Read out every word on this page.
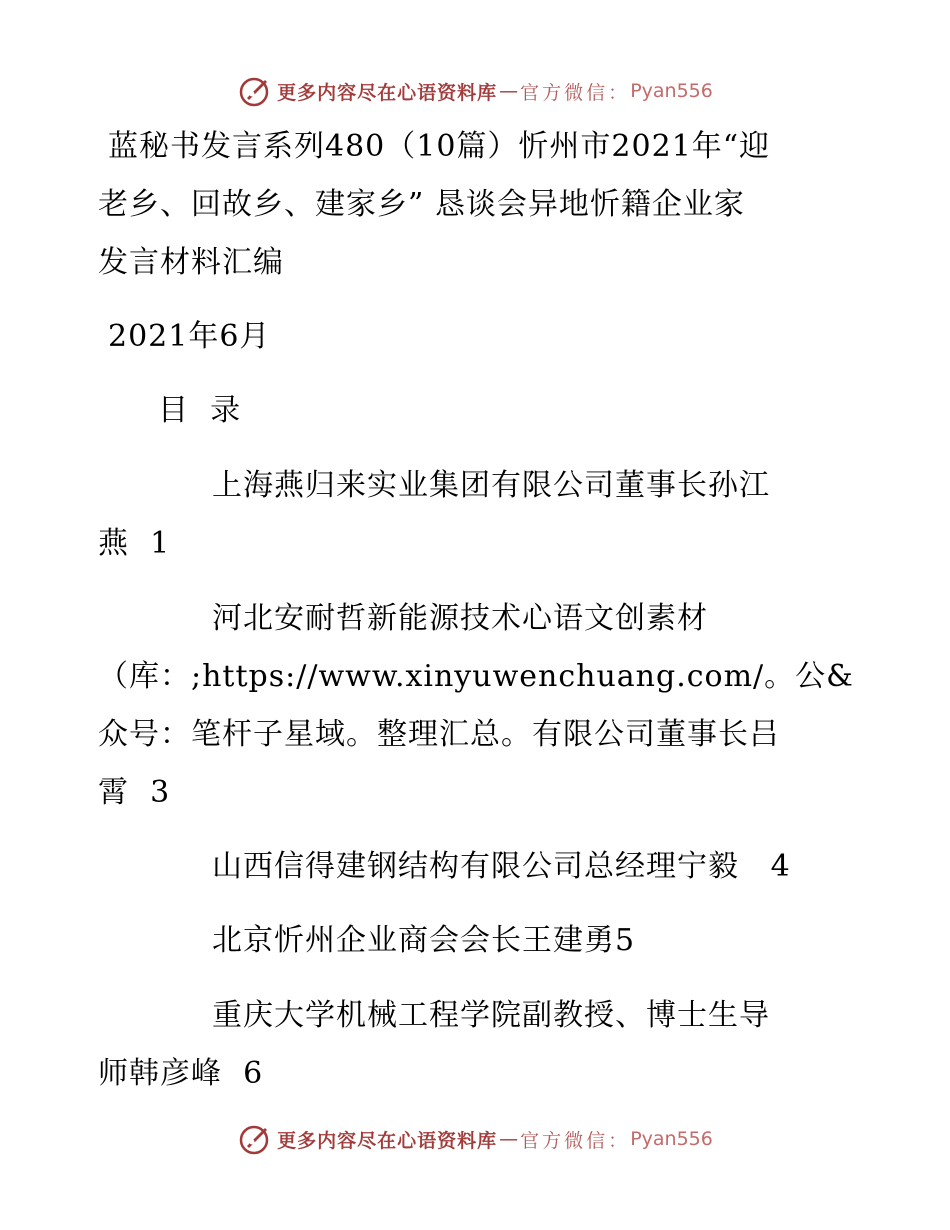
更多内容尽在心语资料库 — 官方微信： Pyan556

蓝秘书发言系列480（10篇）忻州市2021年“迎

老乡、回故乡、建家乡” 恳谈会异地忻籍企业家

发言材料汇编

2021年6月

目  录

上海燕归来实业集团有限公司董事长孙江

燕  1

河北安耐哲新能源技术心语文创素材

（库：;https://www.xinyuwenchuang.com/。公&

众号：笔杆子星域。整理汇总。有限公司董事长吕

霄  3

山西信得建钢结构有限公司总经理宁毅   4

北京忻州企业商会会长王建勇5

重庆大学机械工程学院副教授、博士生导

师韩彦峰  6

更多内容尽在心语资料库 — 官方微信： Pyan556
